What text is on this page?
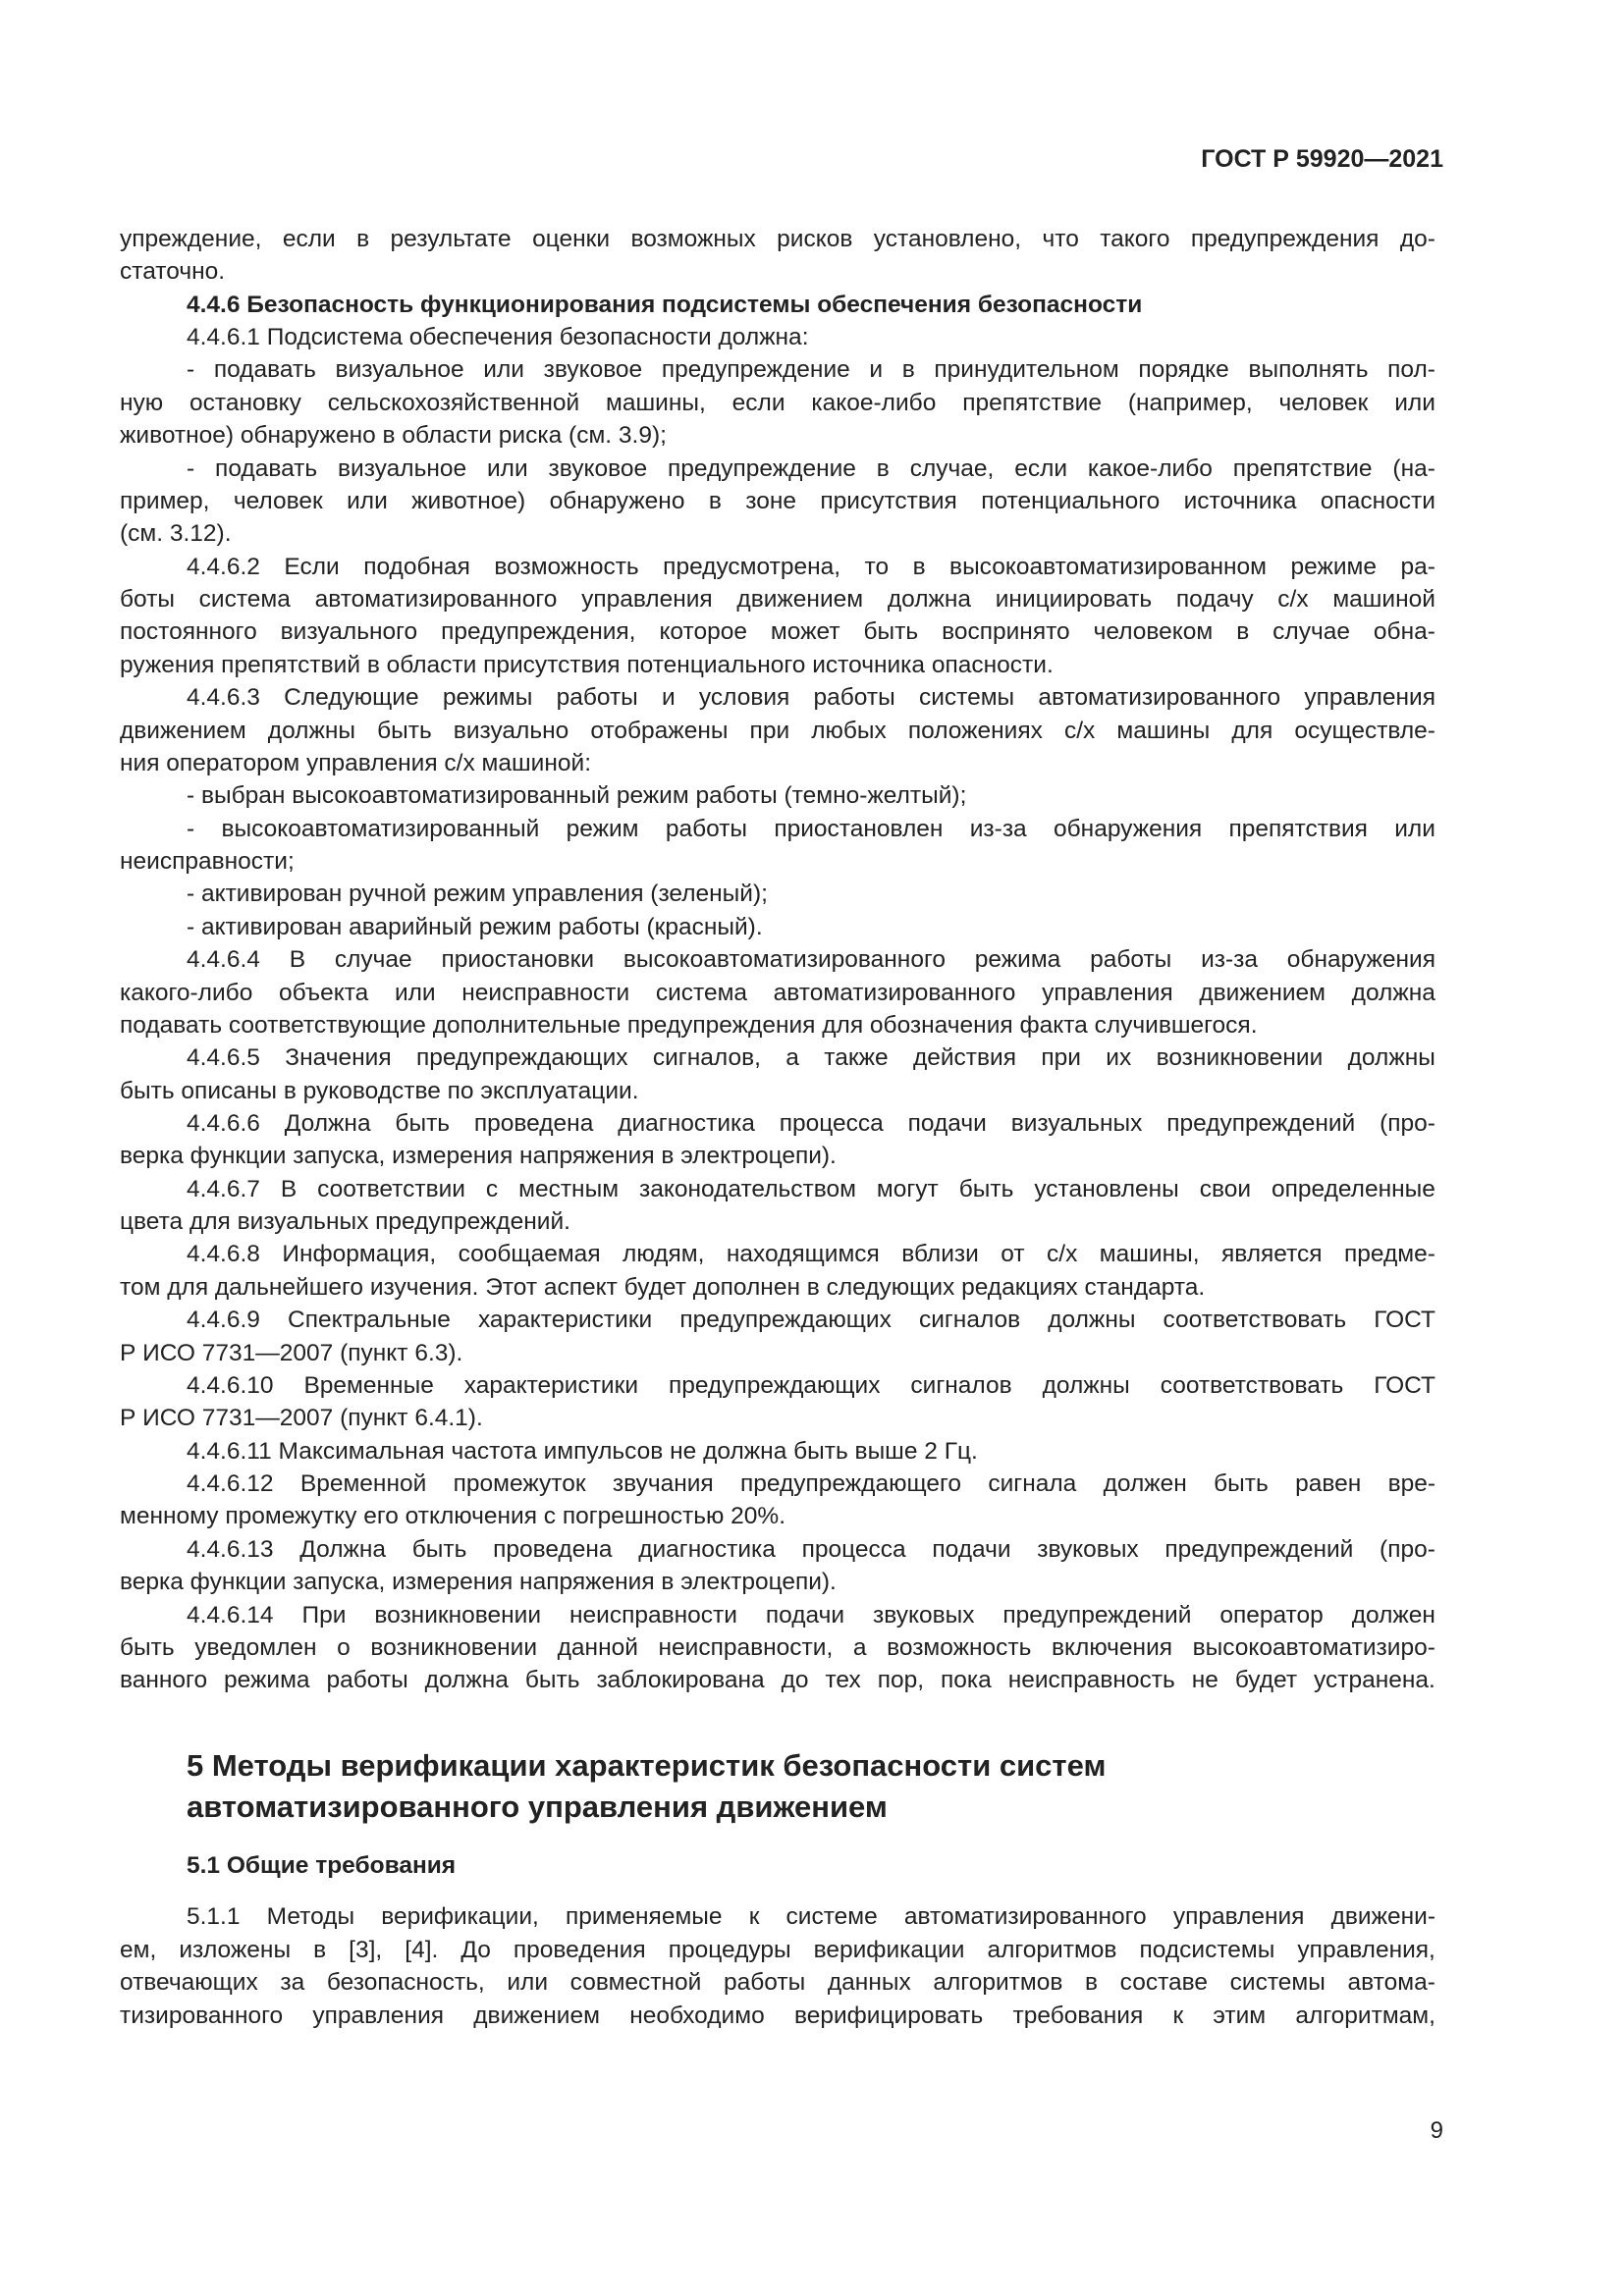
ГОСТ Р 59920—2021
упреждение, если в результате оценки возможных рисков установлено, что такого предупреждения до-
статочно.
4.4.6 Безопасность функционирования подсистемы обеспечения безопасности
4.4.6.1 Подсистема обеспечения безопасности должна:
- подавать визуальное или звуковое предупреждение и в принудительном порядке выполнять пол-
ную остановку сельскохозяйственной машины, если какое-либо препятствие (например, человек или
животное) обнаружено в области риска (см. 3.9);
- подавать визуальное или звуковое предупреждение в случае, если какое-либо препятствие (на-
пример, человек или животное) обнаружено в зоне присутствия потенциального источника опасности
(см. 3.12).
4.4.6.2 Если подобная возможность предусмотрена, то в высокоавтоматизированном режиме ра-
боты система автоматизированного управления движением должна инициировать подачу с/х машиной
постоянного визуального предупреждения, которое может быть воспринято человеком в случае обна-
ружения препятствий в области присутствия потенциального источника опасности.
4.4.6.3 Следующие режимы работы и условия работы системы автоматизированного управления
движением должны быть визуально отображены при любых положениях с/х машины для осуществле-
ния оператором управления с/х машиной:
- выбран высокоавтоматизированный режим работы (темно-желтый);
- высокоавтоматизированный режим работы приостановлен из-за обнаружения препятствия или
неисправности;
- активирован ручной режим управления (зеленый);
- активирован аварийный режим работы (красный).
4.4.6.4 В случае приостановки высокоавтоматизированного режима работы из-за обнаружения
какого-либо объекта или неисправности система автоматизированного управления движением должна
подавать соответствующие дополнительные предупреждения для обозначения факта случившегося.
4.4.6.5 Значения предупреждающих сигналов, а также действия при их возникновении должны
быть описаны в руководстве по эксплуатации.
4.4.6.6 Должна быть проведена диагностика процесса подачи визуальных предупреждений (про-
верка функции запуска, измерения напряжения в электроцепи).
4.4.6.7 В соответствии с местным законодательством могут быть установлены свои определенные
цвета для визуальных предупреждений.
4.4.6.8 Информация, сообщаемая людям, находящимся вблизи от с/х машины, является предме-
том для дальнейшего изучения. Этот аспект будет дополнен в следующих редакциях стандарта.
4.4.6.9 Спектральные характеристики предупреждающих сигналов должны соответствовать ГОСТ
Р ИСО 7731—2007 (пункт 6.3).
4.4.6.10 Временные характеристики предупреждающих сигналов должны соответствовать ГОСТ
Р ИСО 7731—2007 (пункт 6.4.1).
4.4.6.11 Максимальная частота импульсов не должна быть выше 2 Гц.
4.4.6.12 Временной промежуток звучания предупреждающего сигнала должен быть равен вре-
менному промежутку его отключения с погрешностью 20%.
4.4.6.13 Должна быть проведена диагностика процесса подачи звуковых предупреждений (про-
верка функции запуска, измерения напряжения в электроцепи).
4.4.6.14 При возникновении неисправности подачи звуковых предупреждений оператор должен
быть уведомлен о возникновении данной неисправности, а возможность включения высокоавтоматизиро-
ванного режима работы должна быть заблокирована до тех пор, пока неисправность не будет устранена.
5 Методы верификации характеристик безопасности систем
автоматизированного управления движением
5.1 Общие требования
5.1.1 Методы верификации, применяемые к системе автоматизированного управления движени-
ем, изложены в [3], [4]. До проведения процедуры верификации алгоритмов подсистемы управления,
отвечающих за безопасность, или совместной работы данных алгоритмов в составе системы автома-
тизированного управления движением необходимо верифицировать требования к этим алгоритмам,
9
